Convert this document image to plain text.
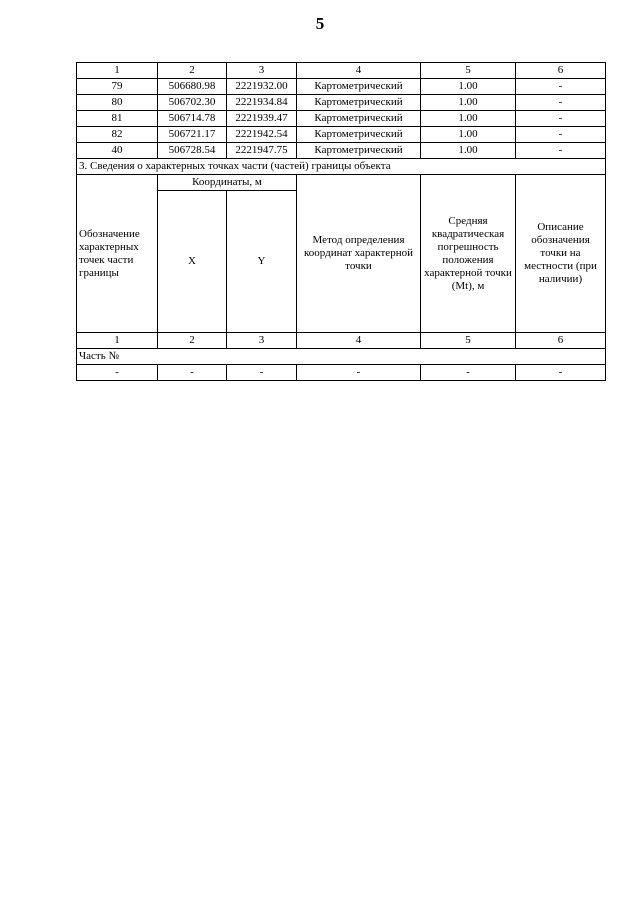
5
1	2	3	4	5	6
79	506680.98	2221932.00	Картометрический	1.00	-
80	506702.30	2221934.84	Картометрический	1.00	-
81	506714.78	2221939.47	Картометрический	1.00	-
82	506721.17	2221942.54	Картометрический	1.00	-
40	506728.54	2221947.75	Картометрический	1.00	-
3. Сведения о характерных точках части (частей) границы объекта					
Обозначение характерных точек части границы	Координаты, м		Метод определения координат характерной точки	Средняя квадратическая погрешность положения характерной точки (Mt), м	Описание обозначения точки на местности (при наличии)
	X	Y			
1	2	3	4	5	6
Часть №					
-	-	-	-	-	-
